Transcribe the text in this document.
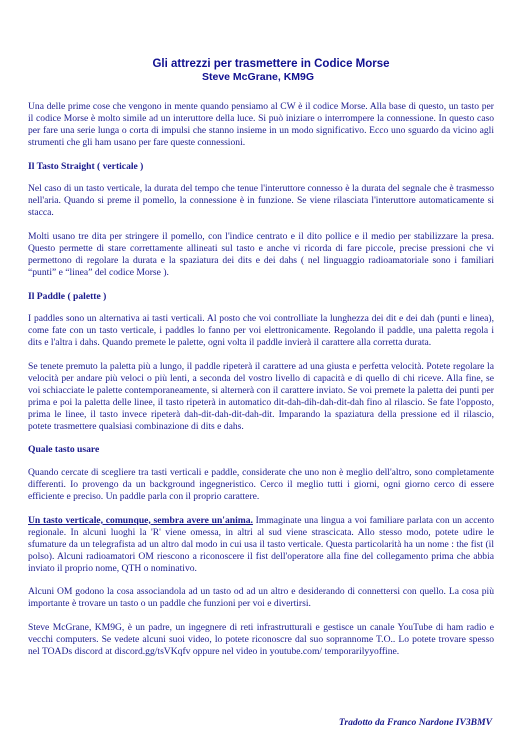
Gli attrezzi per trasmettere in Codice Morse
Steve McGrane, KM9G

Una delle prime cose che vengono in mente quando pensiamo al CW è il codice Morse. Alla base di questo, un tasto per il codice Morse è molto simile ad un interuttore della luce. Si può iniziare o interrompere la connessione. In questo caso per fare una serie lunga o corta di impulsi che stanno insieme in un modo significativo. Ecco uno sguardo da vicino agli strumenti che gli ham usano per fare queste connessioni.

Il Tasto Straight ( verticale )

Nel caso di un tasto verticale, la durata del tempo che tenue l'interuttore connesso è la durata del segnale che è trasmesso nell'aria. Quando si preme il pomello, la connessione è in funzione. Se viene rilasciata l'interuttore automaticamente si stacca.

Molti usano tre dita per stringere il pomello, con l'indice centrato e il dito pollice e il medio per stabilizzare la presa. Questo permette di stare correttamente allineati sul tasto e anche vi ricorda di fare piccole, precise pressioni che vi permettono di regolare la durata e la spaziatura dei dits e dei dahs ( nel linguaggio radioamatoriale sono i familiari “punti” e “linea” del codice Morse ).

Il Paddle ( palette )

I paddles sono un alternativa ai tasti verticali. Al posto che voi controlliate la lunghezza dei dit e dei dah (punti e linea), come fate con un tasto verticale, i paddles lo fanno per voi elettronicamente. Regolando il paddle, una paletta regola i dits e l'altra i dahs. Quando premete le palette, ogni volta il paddle invierà il carattere alla corretta durata.

Se tenete premuto la paletta più a lungo, il paddle ripeterà il carattere ad una giusta e perfetta velocità. Potete regolare la velocità per andare più veloci o più lenti, a seconda del vostro livello di capacità e di quello di chi riceve. Alla fine, se voi schiacciate le palette contemporaneamente, si alternerà con il carattere inviato. Se voi premete la paletta dei punti per prima e poi la paletta delle linee, il tasto ripeterà in automatico dit-dah-dih-dah-dit-dah fino al rilascio. Se fate l'opposto, prima le linee, il tasto invece ripeterà dah-dit-dah-dit-dah-dit. Imparando la spaziatura della pressione ed il rilascio, potete trasmettere qualsiasi combinazione di dits e dahs.

Quale tasto usare

Quando cercate di scegliere tra tasti verticali e paddle, considerate che uno non è meglio dell'altro, sono completamente differenti. Io provengo da un background ingegneristico. Cerco il meglio tutti i giorni, ogni giorno cerco di essere efficiente e preciso. Un paddle parla con il proprio carattere.

Un tasto verticale, comunque, sembra avere un'anima. Immaginate una lingua a voi familiare parlata con un accento regionale. In alcuni luoghi la 'R' viene omessa, in altri al sud viene strascicata. Allo stesso modo, potete udire le sfumature da un telegrafista ad un altro dal modo in cui usa il tasto verticale. Questa particolarità ha un nome : the fist (il polso). Alcuni radioamatori OM riescono a riconoscere il fist dell'operatore alla fine del collegamento prima che abbia inviato il proprio nome, QTH o nominativo.

Alcuni OM godono la cosa associandola ad un tasto od ad un altro e desiderando di connettersi con quello. La cosa più importante è trovare un tasto o un paddle che funzioni per voi e divertirsi.

Steve McGrane, KM9G, è un padre, un ingegnere di reti infrastrutturali e gestisce un canale YouTube di ham radio e vecchi computers. Se vedete alcuni suoi video, lo potete riconoscre dal suo soprannome T.O.. Lo potete trovare spesso nel TOADs discord at discord.gg/tsVKqfv oppure nel video in youtube.com/ temporarilyyoffine.

Tradotto da Franco Nardone IV3BMV
